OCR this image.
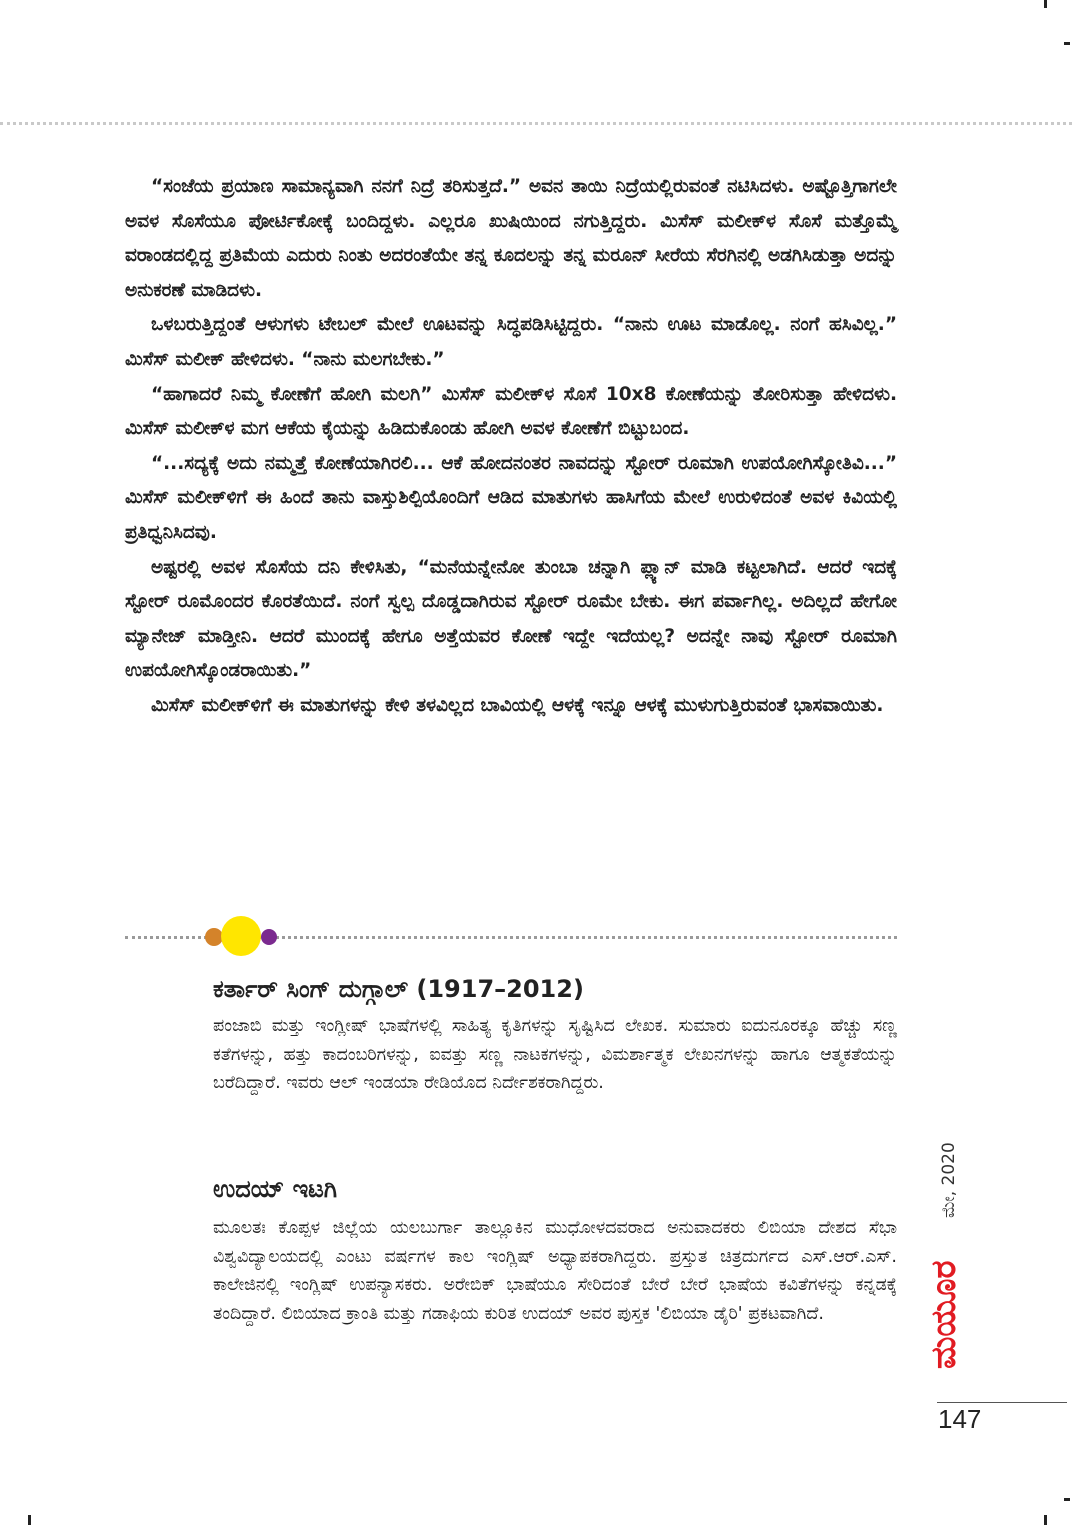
“ಸಂಜೆಯ ಪ್ರಯಾಣ ಸಾಮಾನ್ಯವಾಗಿ ನನಗೆ ನಿದ್ರೆ ತರಿಸುತ್ತದೆ.” ಅವನ ತಾಯಿ ನಿದ್ರೆಯಲ್ಲಿರುವಂತೆ ನಟಿಸಿದಳು. ಅಷ್ಟೊತ್ತಿಗಾಗಲೇ ಅವಳ ಸೊಸೆಯೂ ಪೋರ್ಟಿಕೋಕ್ಕೆ ಬಂದಿದ್ದಳು. ಎಲ್ಲರೂ ಖುಷಿಯಿಂದ ನಗುತ್ತಿದ್ದರು. ಮಿಸೆಸ್ ಮಲೀಕ್‌ಳ ಸೊಸೆ ಮತ್ತೊಮ್ಮೆ ವರಾಂಡದಲ್ಲಿದ್ದ ಪ್ರತಿಮೆಯ ಎದುರು ನಿಂತು ಅದರಂತೆಯೇ ತನ್ನ ಕೂದಲನ್ನು ತನ್ನ ಮರೂನ್ ಸೀರೆಯ ಸೆರಗಿನಲ್ಲಿ ಅಡಗಿಸಿಡುತ್ತಾ ಅದನ್ನು ಅನುಕರಣೆ ಮಾಡಿದಳು.

ಒಳಬರುತ್ತಿದ್ದಂತೆ ಆಳುಗಳು ಟೇಬಲ್ ಮೇಲೆ ಊಟವನ್ನು ಸಿದ್ಧಪಡಿಸಿಟ್ಟಿದ್ದರು. “ನಾನು ಊಟ ಮಾಡೊಲ್ಲ. ನಂಗೆ ಹಸಿವಿಲ್ಲ.” ಮಿಸೆಸ್ ಮಲೀಕ್ ಹೇಳಿದಳು. “ನಾನು ಮಲಗಬೇಕು.”

“ಹಾಗಾದರೆ ನಿಮ್ಮ ಕೋಣೆಗೆ ಹೋಗಿ ಮಲಗಿ” ಮಿಸೆಸ್ ಮಲೀಕ್‌ಳ ಸೊಸೆ 10x8 ಕೋಣೆಯನ್ನು ತೋರಿಸುತ್ತಾ ಹೇಳಿದಳು. ಮಿಸೆಸ್ ಮಲೀಕ್‌ಳ ಮಗ ಆಕೆಯ ಕೈಯನ್ನು ಹಿಡಿದುಕೊಂಡು ಹೋಗಿ ಅವಳ ಕೋಣೆಗೆ ಬಿಟ್ಟುಬಂದ.

“...ಸದ್ಯಕ್ಕೆ ಅದು ನಮ್ಮತ್ತೆ ಕೋಣೆಯಾಗಿರಲಿ... ಆಕೆ ಹೋದನಂತರ ನಾವದನ್ನು ಸ್ಟೋರ್ ರೂಮಾಗಿ ಉಪಯೋಗಿಸ್ಕೋತಿವಿ...” ಮಿಸೆಸ್ ಮಲೀಕ್‌ಳಿಗೆ ಈ ಹಿಂದೆ ತಾನು ವಾಸ್ತುಶಿಲ್ಪಿಯೊಂದಿಗೆ ಆಡಿದ ಮಾತುಗಳು ಹಾಸಿಗೆಯ ಮೇಲೆ ಉರುಳಿದಂತೆ ಅವಳ ಕಿವಿಯಲ್ಲಿ ಪ್ರತಿಧ್ವನಿಸಿದವು.

ಅಷ್ಟರಲ್ಲಿ ಅವಳ ಸೊಸೆಯ ದನಿ ಕೇಳಿಸಿತು, “ಮನೆಯನ್ನೇನೋ ತುಂಬಾ ಚನ್ನಾಗಿ ಪ್ಲ್ಯಾನ್ ಮಾಡಿ ಕಟ್ಟಲಾಗಿದೆ. ಆದರೆ ಇದಕ್ಕೆ ಸ್ಟೋರ್ ರೂಮೊಂದರ ಕೊರತೆಯಿದೆ. ನಂಗೆ ಸ್ವಲ್ಪ ದೊಡ್ಡದಾಗಿರುವ ಸ್ಟೋರ್ ರೂಮೇ ಬೇಕು. ಈಗ ಪರ್ವಾಗಿಲ್ಲ. ಅದಿಲ್ಲದೆ ಹೇಗೋ ಮ್ಯಾನೇಜ್ ಮಾಡ್ತೀನಿ. ಆದರೆ ಮುಂದಕ್ಕೆ ಹೇಗೂ ಅತ್ತೆಯವರ ಕೋಣೆ ಇದ್ದೇ ಇದೆಯಲ್ಲ? ಅದನ್ನೇ ನಾವು ಸ್ಟೋರ್ ರೂಮಾಗಿ ಉಪಯೋಗಿಸ್ಕೊಂಡರಾಯಿತು.”

ಮಿಸೆಸ್ ಮಲೀಕ್‌ಳಿಗೆ ಈ ಮಾತುಗಳನ್ನು ಕೇಳಿ ತಳವಿಲ್ಲದ ಬಾವಿಯಲ್ಲಿ ಆಳಕ್ಕೆ ಇನ್ನೂ ಆಳಕ್ಕೆ ಮುಳುಗುತ್ತಿರುವಂತೆ ಭಾಸವಾಯಿತು.

ಕರ್ತಾರ್ ಸಿಂಗ್ ದುಗ್ಗಾಲ್ (1917–2012)

ಪಂಜಾಬಿ ಮತ್ತು ಇಂಗ್ಲೀಷ್ ಭಾಷೆಗಳಲ್ಲಿ ಸಾಹಿತ್ಯ ಕೃತಿಗಳನ್ನು ಸೃಷ್ಟಿಸಿದ ಲೇಖಕ. ಸುಮಾರು ಐದುನೂರಕ್ಕೂ ಹೆಚ್ಚು ಸಣ್ಣ ಕತೆಗಳನ್ನು, ಹತ್ತು ಕಾದಂಬರಿಗಳನ್ನು, ಐವತ್ತು ಸಣ್ಣ ನಾಟಕಗಳನ್ನು, ವಿಮರ್ಶಾತ್ಮಕ ಲೇಖನಗಳನ್ನು ಹಾಗೂ ಆತ್ಮಕತೆಯನ್ನು ಬರೆದಿದ್ದಾರೆ. ಇವರು ಆಲ್ ಇಂಡಯಾ ರೇಡಿಯೊದ ನಿರ್ದೇಶಕರಾಗಿದ್ದರು.

ಉದಯ್ ಇಟಗಿ

ಮೂಲತಃ ಕೊಪ್ಪಳ ಜಿಲ್ಲೆಯ ಯಲಬುರ್ಗಾ ತಾಲ್ಲೂಕಿನ ಮುಧೋಳದವರಾದ ಅನುವಾದಕರು ಲಿಬಿಯಾ ದೇಶದ ಸೆಭಾ ವಿಶ್ವವಿದ್ಯಾಲಯದಲ್ಲಿ ಎಂಟು ವರ್ಷಗಳ ಕಾಲ ಇಂಗ್ಲಿಷ್ ಅಧ್ಯಾಪಕರಾಗಿದ್ದರು. ಪ್ರಸ್ತುತ ಚಿತ್ರದುರ್ಗದ ಎಸ್.ಆರ್.ಎಸ್. ಕಾಲೇಜಿನಲ್ಲಿ ಇಂಗ್ಲಿಷ್ ಉಪನ್ಯಾಸಕರು. ಅರೇಬಿಕ್ ಭಾಷೆಯೂ ಸೇರಿದಂತೆ ಬೇರೆ ಬೇರೆ ಭಾಷೆಯ ಕವಿತೆಗಳನ್ನು ಕನ್ನಡಕ್ಕೆ ತಂದಿದ್ದಾರೆ. ಲಿಬಿಯಾದ ಕ್ರಾಂತಿ ಮತ್ತು ಗಡಾಫಿಯ ಕುರಿತ ಉದಯ್ ಅವರ ಪುಸ್ತಕ 'ಲಿಬಿಯಾ ಡೈರಿ' ಪ್ರಕಟವಾಗಿದೆ.

ಮೇ, 2020
ಮಯೂರ
147
